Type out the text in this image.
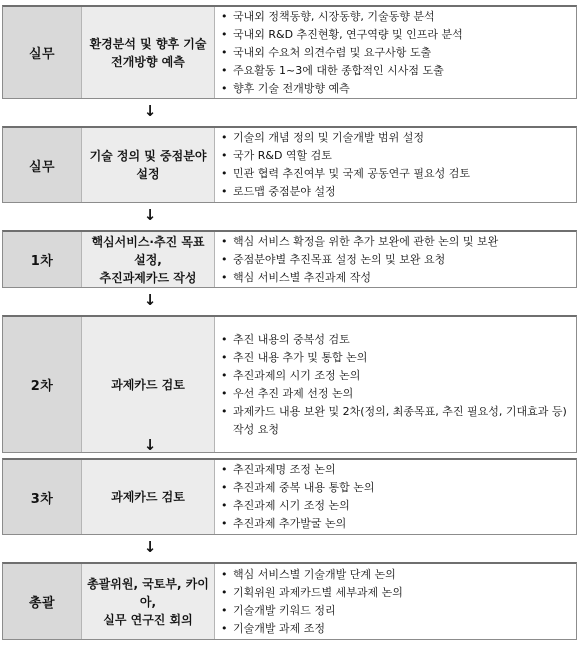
실무
환경분석 및 향후 기술
전개방향 예측
• 국내외 정책동향, 시장동향, 기술동향 분석
• 국내외 R&D 추진현황, 연구역량 및 인프라 분석
• 국내외 수요처 의견수렴 및 요구사항 도출
• 주요활동 1~3에 대한 종합적인 시사점 도출
• 향후 기술 전개방향 예측
실무
기술 정의 및 중점분야 설정
• 기술의 개념 정의 및 기술개발 범위 설정
• 국가 R&D 역할 검토
• 민관 협력 추진여부 및 국제 공동연구 필요성 검토
• 로드맵 중점분야 설정
1차
핵심서비스·추진 목표
설정,
추진과제카드 작성
• 핵심 서비스 확정을 위한 추가 보완에 관한 논의 및 보완
• 중점분야별 추진목표 설정 논의 및 보완 요청
• 핵심 서비스별 추진과제 작성
2차	과제카드 검토
• 추진 내용의 중복성 검토
• 추진 내용 추가 및 통합 논의
• 추진과제의 시기 조정 논의
• 우선 추진 과제 선정 논의
• 과제카드 내용 보완 및 2차(정의, 최종목표, 추진 필요성, 기대효과 등) 작성 요청
3차	과제카드 검토
• 추진과제명 조정 논의
• 추진과제 중복 내용 통합 논의
• 추진과제 시기 조정 논의
• 추진과제 추가발굴 논의
총괄
총괄위원, 국토부, 카이아,
실무 연구진 회의
• 핵심 서비스별 기술개발 단계 논의
• 기획위원 과제카드별 세부과제 논의
• 기술개발 키워드 정리
• 기술개발 과제 조정
↓
↓
↓
↓
↓
